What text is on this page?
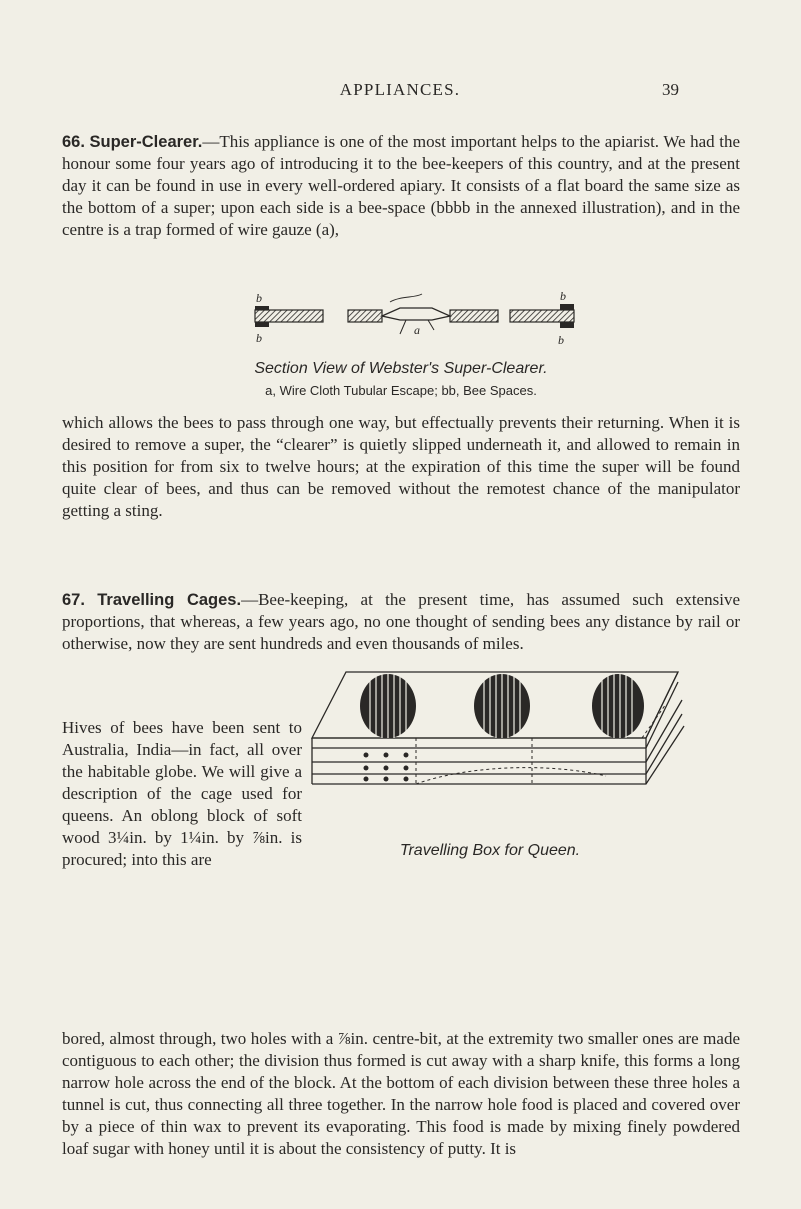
APPLIANCES.	39

66. Super-Clearer.—This appliance is one of the most important helps to the apiarist. We had the honour some four years ago of introducing it to the bee-keepers of this country, and at the present day it can be found in use in every well-ordered apiary. It consists of a flat board the same size as the bottom of a super; upon each side is a bee-space (bbbb in the annexed illustration), and in the centre is a trap formed of wire gauze (a),

b
b
a
b
b
Section View of Webster's Super-Clearer.
a, Wire Cloth Tubular Escape; bb, Bee Spaces.

which allows the bees to pass through one way, but effectually prevents their returning. When it is desired to remove a super, the “clearer” is quietly slipped underneath it, and allowed to remain in this position for from six to twelve hours; at the expiration of this time the super will be found quite clear of bees, and thus can be removed without the remotest chance of the manipulator getting a sting.

67. Travelling Cages.—Bee-keeping, at the present time, has assumed such extensive proportions, that whereas, a few years ago, no one thought of sending bees any distance by rail or otherwise, now they are sent hundreds and even thousands of miles.

Hives of bees have been sent to Australia, India—in fact, all over the habitable globe. We will give a description of the cage used for queens. An oblong block of soft wood 3¼in. by 1¼in. by ⅞in. is procured; into this are	Travelling Box for Queen.

bored, almost through, two holes with a ⅞in. centre-bit, at the extremity two smaller ones are made contiguous to each other; the division thus formed is cut away with a sharp knife, this forms a long narrow hole across the end of the block. At the bottom of each division between these three holes a tunnel is cut, thus connecting all three together. In the narrow hole food is placed and covered over by a piece of thin wax to prevent its evaporating. This food is made by mixing finely powdered loaf sugar with honey until it is about the consistency of putty. It is
